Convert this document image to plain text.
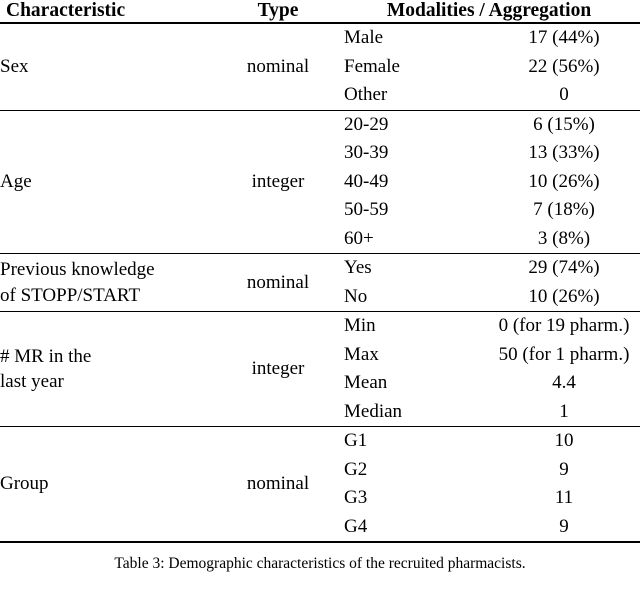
Characteristic	Type	Modalities / Aggregation

Sex	nominal	
Male	17 (44%)
Female	22 (56%)
Other	0

Age	integer	
20-29	6 (15%)
30-39	13 (33%)
40-49	10 (26%)
50-59	7 (18%)
60+	3 (8%)

Previous knowledge
of STOPP/START
	nominal	
Yes	29 (74%)
No	10 (26%)

# MR in the
last year
	integer	
Min	0 (for 19 pharm.)
Max	50 (for 1 pharm.)
Mean	4.4
Median	1

Group	nominal	
G1	10
G2	9
G3	11
G4	9

Table 3: Demographic characteristics of the recruited pharmacists.
